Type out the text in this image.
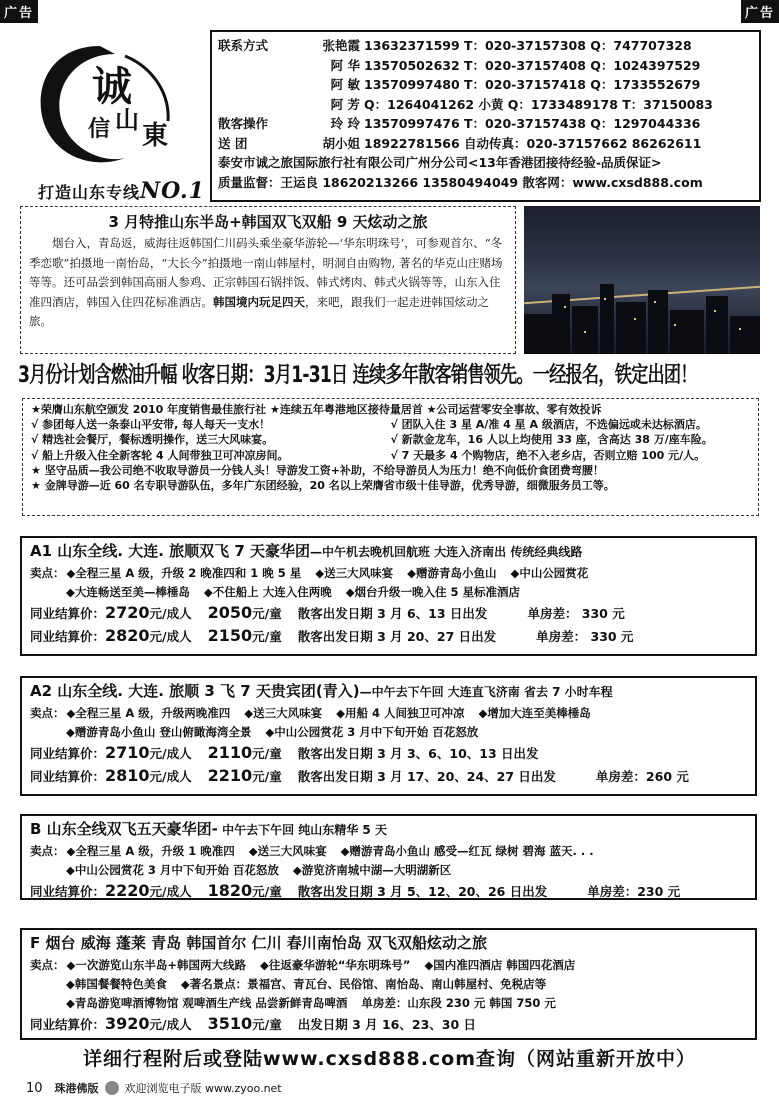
广告	广告
诚
信 山
東
打造山东专线NO.1
联系方式	张艳霞 13632371599 T：020-37157308 Q：747707328
阿 华 13570502632 T：020-37157408 Q：1024397529
阿 敏 13570997480 T：020-37157418 Q：1733552679
阿 芳 Q：1264041262 小黄 Q：1733489178 T：37150083
散客操作	玲 玲 13570997476 T：020-37157438 Q：1297044336
送 团	胡小姐 18922781566 自动传真：020-37157662 86262611
泰安市诚之旅国际旅行社有限公司广州分公司<13年香港团接待经验-品质保证>
质量监督：王运良 18620213266 13580494049 散客网：www.cxsd888.com
3 月特推山东半岛+韩国双飞双船 9 天炫动之旅

烟台入，青岛返，威海往返韩国仁川码头乘坐豪华游轮—‘华东明珠号’，可参观首尔、“冬季恋歌”拍摄地一南怡岛，“大长今”拍摄地一南山韩屋村，明洞自由购物, 著名的华克山庄赌场等等。还可品尝到韩国高丽人参鸡、正宗韩国石锅拌饭、韩式烤肉、韩式火锅等等，山东入住准四酒店，韩国入住四花标准酒店。韩国境内玩足四天，来吧，跟我们一起走进韩国炫动之旅。

3月份计划含燃油升幅 收客日期：3月1-31日 连续多年散客销售领先。一经报名，铁定出团！
★荣膺山东航空颁发 2010 年度销售最佳旅行社 ★连续五年粤港地区接待量居首 ★公司运营零安全事故、零有效投诉
√ 参团每人送一条泰山平安带, 每人每天一支水！	√ 团队入住 3 星 A/准 4 星 A 级酒店，不选偏远或未达标酒店。
√ 精选社会餐厅，餐标透明操作，送三大风味宴。	√ 新款金龙车，16 人以上均使用 33 座，含高达 38 万/座车险。
√ 船上升级入住全新客轮 4 人间带独卫可冲凉房间。	√ 7 天最多 4 个购物店，绝不入老乡店，否则立赔 100 元/人。
★ 坚守品质—我公司绝不收取导游员一分钱人头！导游发工资+补助，不给导游员人为压力！绝不向低价食团费弯腰！
★ 金牌导游—近 60 名专职导游队伍，多年广东团经验，20 名以上荣膺省市级十佳导游，优秀导游，细微服务员工等。
A1 山东全线. 大连. 旅顺双飞 7 天豪华团—中午机去晚机回航班 大连入济南出 传统经典线路
卖点： ◆全程三星 A 级，升级 2 晚准四和 1 晚 5 星 ◆送三大风味宴 ◆赠游青岛小鱼山 ◆中山公园赏花
◆大连畅送至美—棒棰岛 ◆不住船上 大连入住两晚 ◆烟台升级一晚入住 5 星标准酒店
同业结算价：2720元/成人 2050元/童 散客出发日期 3 月 6、13 日出发	单房差： 330 元
同业结算价：2820元/成人 2150元/童 散客出发日期 3 月 20、27 日出发	单房差： 330 元
A2 山东全线. 大连. 旅顺 3 飞 7 天贵宾团(青入)—中午去下午回 大连直飞济南 省去 7 小时车程
卖点： ◆全程三星 A 级，升级两晚准四 ◆送三大风味宴 ◆用船 4 人间独卫可冲凉 ◆增加大连至美棒棰岛
◆赠游青岛小鱼山 登山俯瞰海湾全景 ◆中山公园赏花 3 月中下旬开始 百花怒放
同业结算价：2710元/成人 2110元/童 散客出发日期 3 月 3、6、10、13 日出发
同业结算价：2810元/成人 2210元/童 散客出发日期 3 月 17、20、24、27 日出发	单房差：260 元
B 山东全线双飞五天豪华团- 中午去下午回 纯山东精华 5 天
卖点： ◆全程三星 A 级，升级 1 晚准四 ◆送三大风味宴 ◆赠游青岛小鱼山 感受—红瓦 绿树 碧海 蓝天. . .
◆中山公园赏花 3 月中下旬开始 百花怒放 ◆游览济南城中湖—大明湖新区
同业结算价：2220元/成人 1820元/童 散客出发日期 3 月 5、12、20、26 日出发	单房差：230 元
F 烟台 威海 蓬莱 青岛 韩国首尔 仁川 春川南怡岛 双飞双船炫动之旅
卖点： ◆一次游览山东半岛+韩国两大线路 ◆往返豪华游轮“华东明珠号” ◆国内准四酒店 韩国四花酒店
◆韩国餐餐特色美食 ◆著名景点：景福宫、青瓦台、民俗馆、南怡岛、南山韩屋村、免税店等
◆青岛游览啤酒博物馆 观啤酒生产线 品尝新鲜青岛啤酒 单房差：山东段 230 元 韩国 750 元
同业结算价：3920元/成人 3510元/童 出发日期 3 月 16、23、30 日
详细行程附后或登陆www.cxsd888.com查询（网站重新开放中）
10 珠港佛版 欢迎浏览电子版 www.zyoo.net
